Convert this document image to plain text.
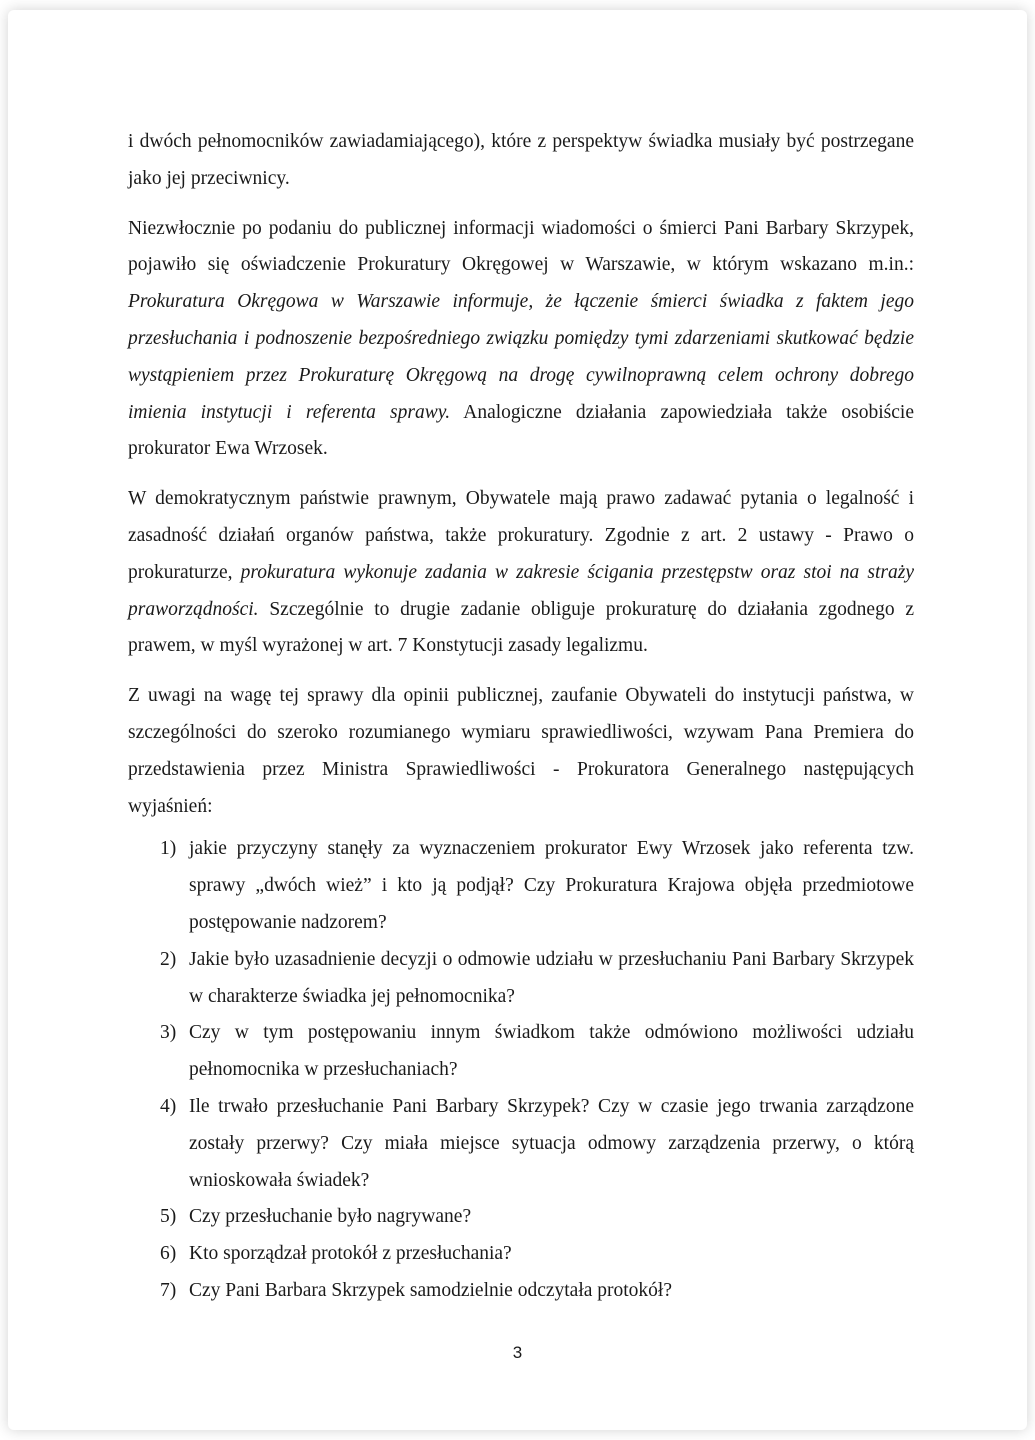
i dwóch pełnomocników zawiadamiającego), które z perspektyw świadka musiały być postrzegane jako jej przeciwnicy.

Niezwłocznie po podaniu do publicznej informacji wiadomości o śmierci Pani Barbary Skrzypek, pojawiło się oświadczenie Prokuratury Okręgowej w Warszawie, w którym wskazano m.in.: Prokuratura Okręgowa w Warszawie informuje, że łączenie śmierci świadka z faktem jego przesłuchania i podnoszenie bezpośredniego związku pomiędzy tymi zdarzeniami skutkować będzie wystąpieniem przez Prokuraturę Okręgową na drogę cywilnoprawną celem ochrony dobrego imienia instytucji i referenta sprawy. Analogiczne działania zapowiedziała także osobiście prokurator Ewa Wrzosek.

W demokratycznym państwie prawnym, Obywatele mają prawo zadawać pytania o legalność i zasadność działań organów państwa, także prokuratury. Zgodnie z art. 2 ustawy - Prawo o prokuraturze, prokuratura wykonuje zadania w zakresie ścigania przestępstw oraz stoi na straży praworządności. Szczególnie to drugie zadanie obliguje prokuraturę do działania zgodnego z prawem, w myśl wyrażonej w art. 7 Konstytucji zasady legalizmu.

Z uwagi na wagę tej sprawy dla opinii publicznej, zaufanie Obywateli do instytucji państwa, w szczególności do szeroko rozumianego wymiaru sprawiedliwości, wzywam Pana Premiera do przedstawienia przez Ministra Sprawiedliwości - Prokuratora Generalnego następujących wyjaśnień:

1) jakie przyczyny stanęły za wyznaczeniem prokurator Ewy Wrzosek jako referenta tzw. sprawy „dwóch wież” i kto ją podjął? Czy Prokuratura Krajowa objęła przedmiotowe postępowanie nadzorem?
2) Jakie było uzasadnienie decyzji o odmowie udziału w przesłuchaniu Pani Barbary Skrzypek w charakterze świadka jej pełnomocnika?
3) Czy w tym postępowaniu innym świadkom także odmówiono możliwości udziału pełnomocnika w przesłuchaniach?
4) Ile trwało przesłuchanie Pani Barbary Skrzypek? Czy w czasie jego trwania zarządzone zostały przerwy? Czy miała miejsce sytuacja odmowy zarządzenia przerwy, o którą wnioskowała świadek?
5) Czy przesłuchanie było nagrywane?
6) Kto sporządzał protokół z przesłuchania?
7) Czy Pani Barbara Skrzypek samodzielnie odczytała protokół?
3
